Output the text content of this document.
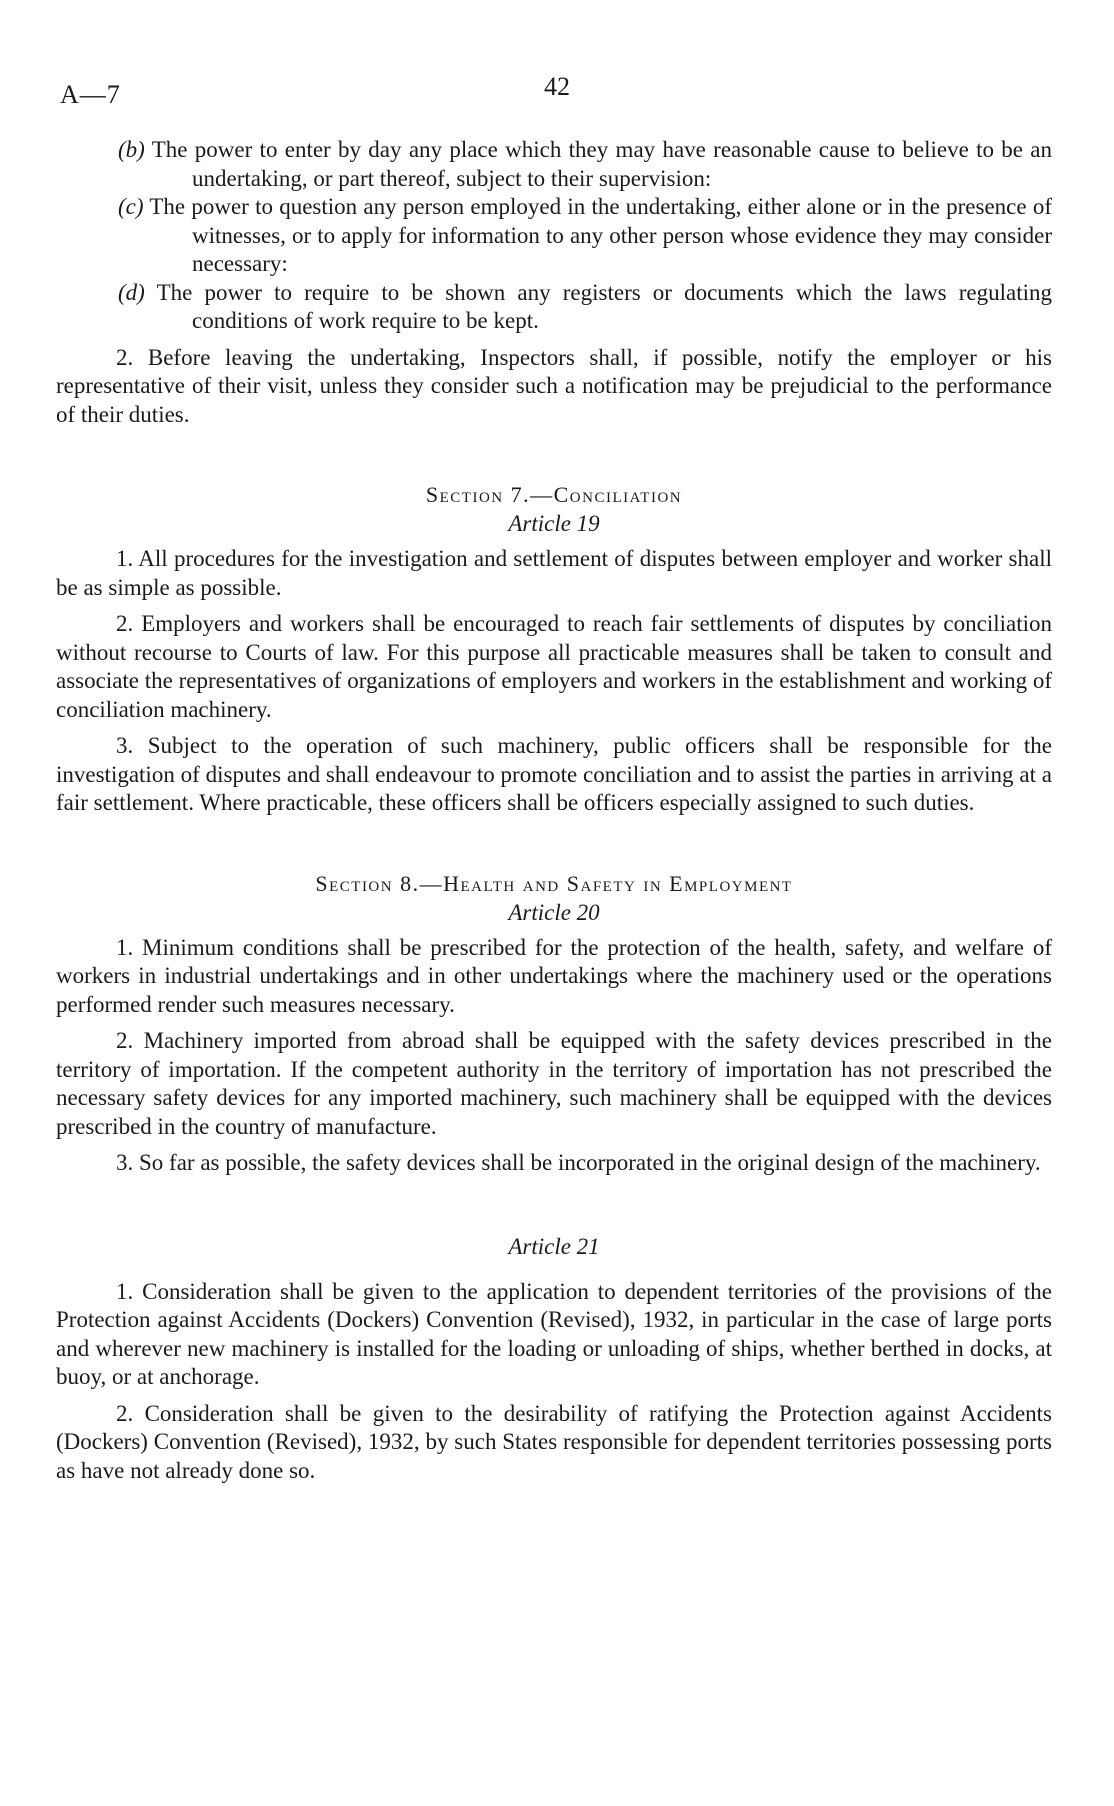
A—7	42

(b) The power to enter by day any place which they may have reasonable cause to believe to be an undertaking, or part thereof, subject to their supervision:

(c) The power to question any person employed in the undertaking, either alone or in the presence of witnesses, or to apply for information to any other person whose evidence they may consider necessary:

(d) The power to require to be shown any registers or documents which the laws regulating conditions of work require to be kept.

2. Before leaving the undertaking, Inspectors shall, if possible, notify the employer or his representative of their visit, unless they consider such a notification may be prejudicial to the performance of their duties.

Section 7.—Conciliation
Article 19

1. All procedures for the investigation and settlement of disputes between employer and worker shall be as simple as possible.

2. Employers and workers shall be encouraged to reach fair settlements of disputes by conciliation without recourse to Courts of law. For this purpose all practicable measures shall be taken to consult and associate the representatives of organizations of employers and workers in the establishment and working of conciliation machinery.

3. Subject to the operation of such machinery, public officers shall be responsible for the investigation of disputes and shall endeavour to promote conciliation and to assist the parties in arriving at a fair settlement. Where practicable, these officers shall be officers especially assigned to such duties.

Section 8.—Health and Safety in Employment
Article 20

1. Minimum conditions shall be prescribed for the protection of the health, safety, and welfare of workers in industrial undertakings and in other undertakings where the machinery used or the operations performed render such measures necessary.

2. Machinery imported from abroad shall be equipped with the safety devices prescribed in the territory of importation. If the competent authority in the territory of importation has not prescribed the necessary safety devices for any imported machinery, such machinery shall be equipped with the devices prescribed in the country of manufacture.

3. So far as possible, the safety devices shall be incorporated in the original design of the machinery.

Article 21

1. Consideration shall be given to the application to dependent territories of the provisions of the Protection against Accidents (Dockers) Convention (Revised), 1932, in particular in the case of large ports and wherever new machinery is installed for the loading or unloading of ships, whether berthed in docks, at buoy, or at anchorage.

2. Consideration shall be given to the desirability of ratifying the Protection against Accidents (Dockers) Convention (Revised), 1932, by such States responsible for dependent territories possessing ports as have not already done so.
